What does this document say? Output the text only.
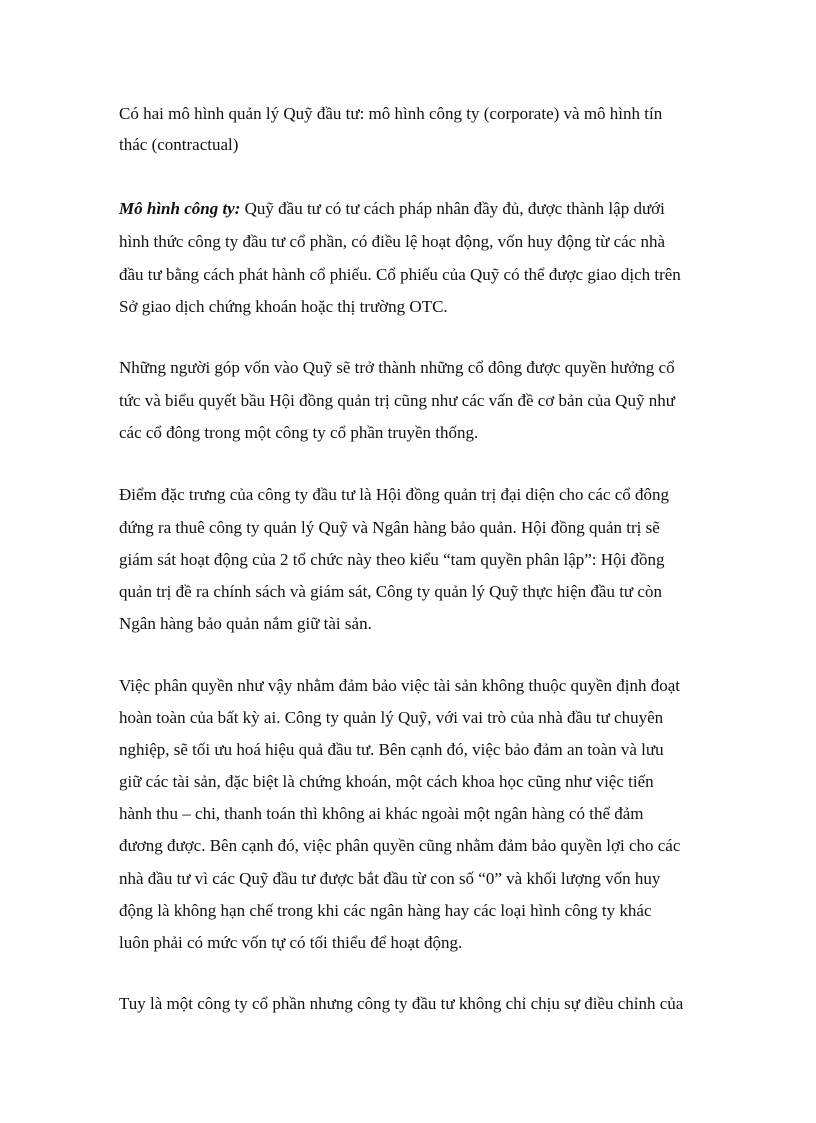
Có hai mô hình quản lý Quỹ đầu tư: mô hình công ty (corporate) và mô hình tín
thác (contractual)
Mô hình công ty: Quỹ đầu tư có tư cách pháp nhân đầy đủ, được thành lập dưới
hình thức công ty đầu tư cổ phần, có điều lệ hoạt động, vốn huy động từ các nhà
đầu tư bằng cách phát hành cổ phiếu. Cổ phiếu của Quỹ có thể được giao dịch trên
Sở giao dịch chứng khoán hoặc thị trường OTC.
Những người góp vốn vào Quỹ sẽ trở thành những cổ đông được quyền hưởng cổ
tức và biểu quyết bầu Hội đồng quản trị cũng như các vấn đề cơ bản của Quỹ như
các cổ đông trong một công ty cổ phần truyền thống.
Điểm đặc trưng của công ty đầu tư là Hội đồng quản trị đại diện cho các cổ đông
đứng ra thuê công ty quản lý Quỹ và Ngân hàng bảo quản. Hội đồng quản trị sẽ
giám sát hoạt động của 2 tổ chức này theo kiểu “tam quyền phân lập”: Hội đồng
quản trị đề ra chính sách và giám sát, Công ty quản lý Quỹ thực hiện đầu tư còn
Ngân hàng bảo quản nắm giữ tài sản.
Việc phân quyền như vậy nhằm đảm bảo việc tài sản không thuộc quyền định đoạt
hoàn toàn của bất kỳ ai. Công ty quản lý Quỹ, với vai trò của nhà đầu tư chuyên
nghiệp, sẽ tối ưu hoá hiệu quả đầu tư. Bên cạnh đó, việc bảo đảm an toàn và lưu
giữ các tài sản, đặc biệt là chứng khoán, một cách khoa học cũng như việc tiến
hành thu – chi, thanh toán thì không ai khác ngoài một ngân hàng có thể đảm
đương được. Bên cạnh đó, việc phân quyền cũng nhằm đảm bảo quyền lợi cho các
nhà đầu tư vì các Quỹ đầu tư được bắt đầu từ con số “0” và khối lượng vốn huy
động là không hạn chế trong khi các ngân hàng hay các loại hình công ty khác
luôn phải có mức vốn tự có tối thiểu để hoạt động.
Tuy là một công ty cổ phần nhưng công ty đầu tư không chỉ chịu sự điều chỉnh của
